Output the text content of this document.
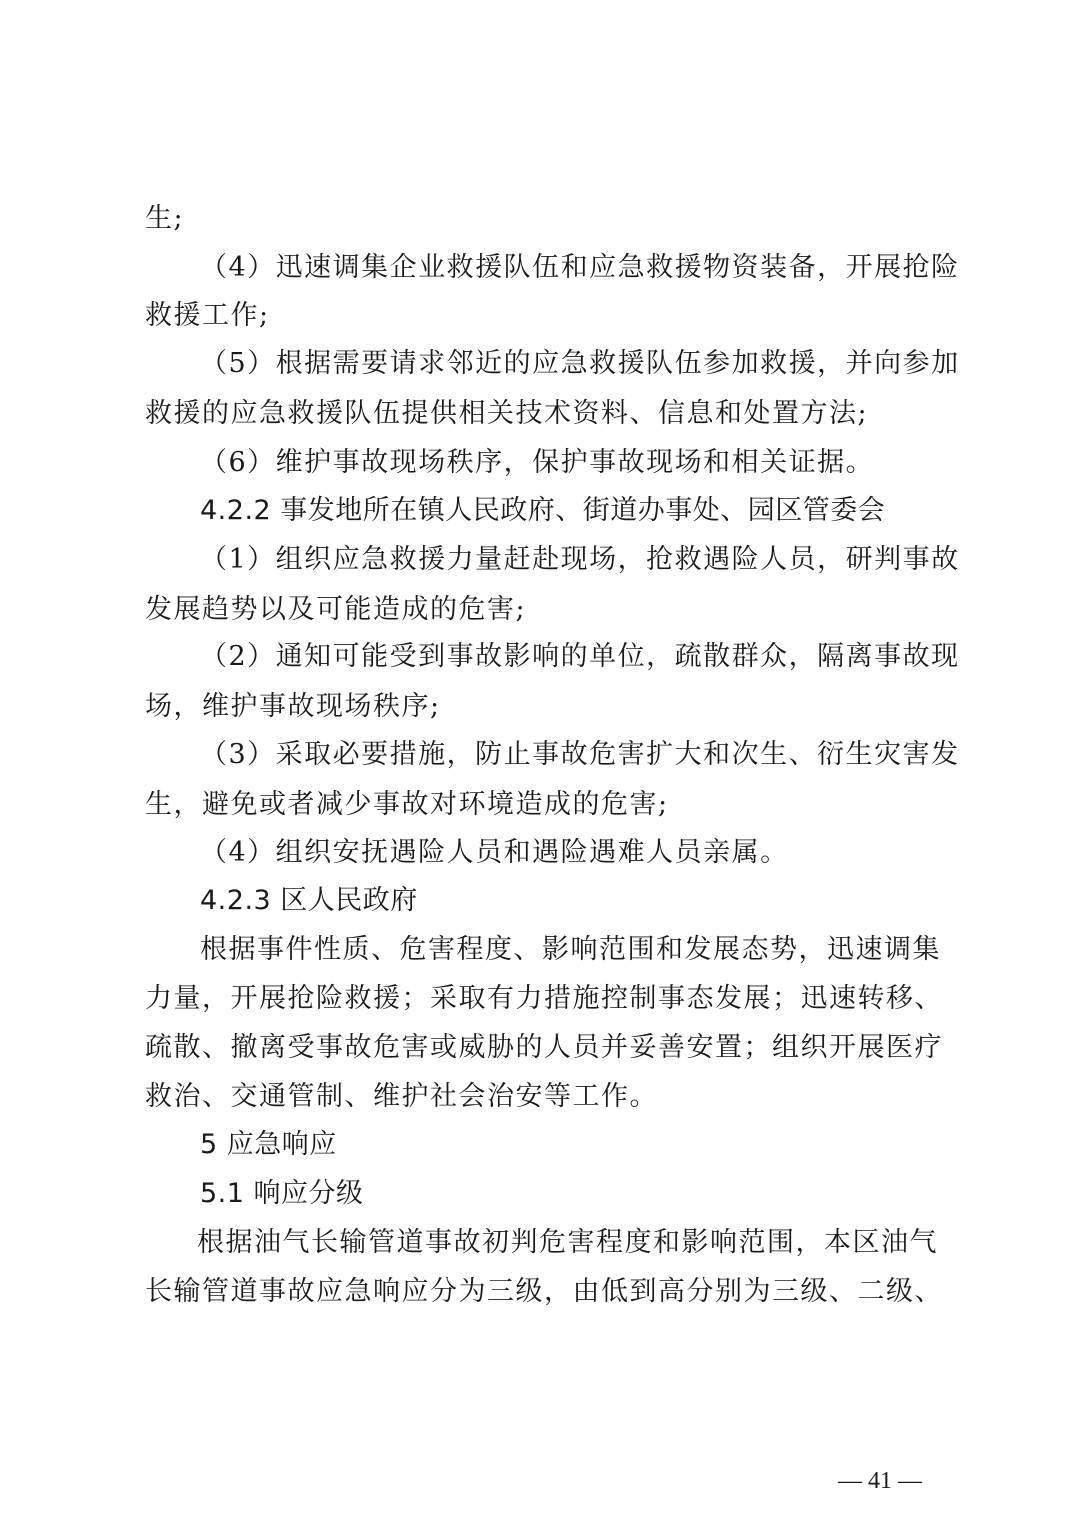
生;
（4）迅速调集企业救援队伍和应急救援物资装备，开展抢险
救援工作;
（5）根据需要请求邻近的应急救援队伍参加救援，并向参加
救援的应急救援队伍提供相关技术资料、信息和处置方法;
（6）维护事故现场秩序，保护事故现场和相关证据。
4.2.2 事发地所在镇人民政府、街道办事处、园区管委会
（1）组织应急救援力量赶赴现场，抢救遇险人员，研判事故
发展趋势以及可能造成的危害;
（2）通知可能受到事故影响的单位，疏散群众，隔离事故现
场，维护事故现场秩序;
（3）采取必要措施，防止事故危害扩大和次生、衍生灾害发
生，避免或者减少事故对环境造成的危害;
（4）组织安抚遇险人员和遇险遇难人员亲属。
4.2.3 区人民政府
根据事件性质、危害程度、影响范围和发展态势，迅速调集
力量，开展抢险救援；采取有力措施控制事态发展；迅速转移、
疏散、撤离受事故危害或威胁的人员并妥善安置；组织开展医疗
救治、交通管制、维护社会治安等工作。
5 应急响应
5.1 响应分级
根据油气长输管道事故初判危害程度和影响范围，本区油气
长输管道事故应急响应分为三级，由低到高分别为三级、二级、
— 41 —
